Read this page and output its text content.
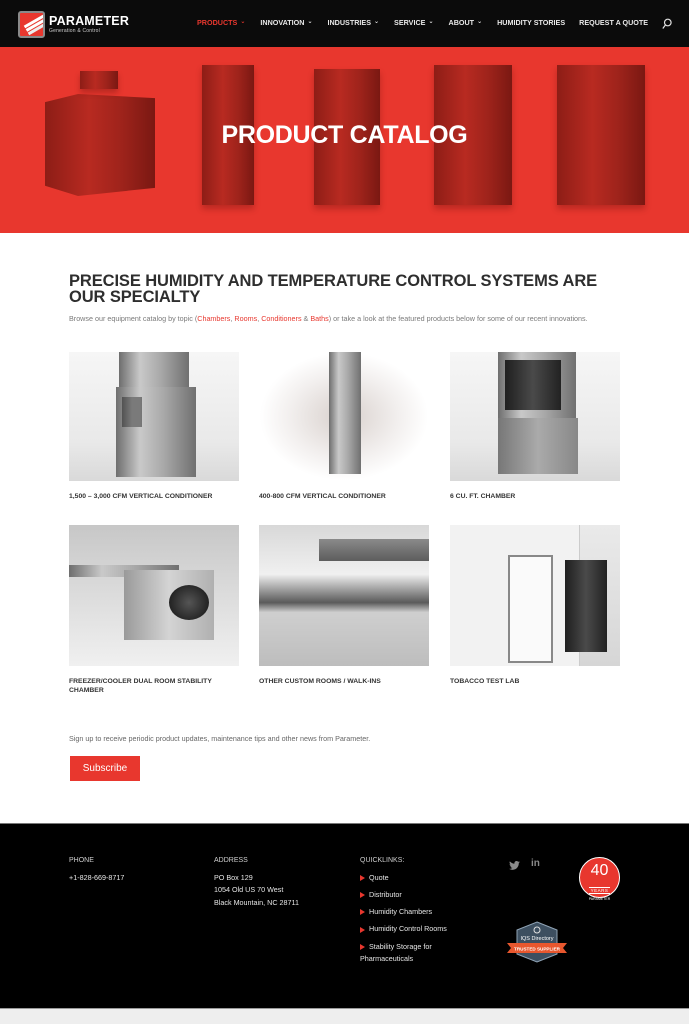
PARAMETER
Generation & Control
PRODUCTS ⌄ INNOVATION ⌄ INDUSTRIES ⌄ SERVICE ⌄ ABOUT ⌄ HUMIDITY STORIES REQUEST A QUOTE
PRODUCT CATALOG
PRECISE HUMIDITY AND TEMPERATURE CONTROL SYSTEMS ARE OUR SPECIALTY

Browse our equipment catalog by topic (Chambers, Rooms, Conditioners & Baths) or take a look at the featured products below for some of our recent innovations.

1,500 – 3,000 CFM VERTICAL CONDITIONER	400-800 CFM VERTICAL CONDITIONER	6 CU. FT. CHAMBER
FREEZER/COOLER DUAL ROOM STABILITY CHAMBER
OTHER CUSTOM ROOMS / WALK-INS	TOBACCO TEST LAB

Sign up to receive periodic product updates, maintenance tips and other news from Parameter.

Subscribe
PHONE
+1-828-669-8717
ADDRESS
PO Box 129
1054 Old US 70 West
Black Mountain, NC 28711
QUICKLINKS:
Quote
Distributor
Humidity Chambers
Humidity Control Rooms
Stability Storage for
Pharmaceuticals
in	40
YEARS
PARAMETER
IQS Directory
TRUSTED SUPPLIER
